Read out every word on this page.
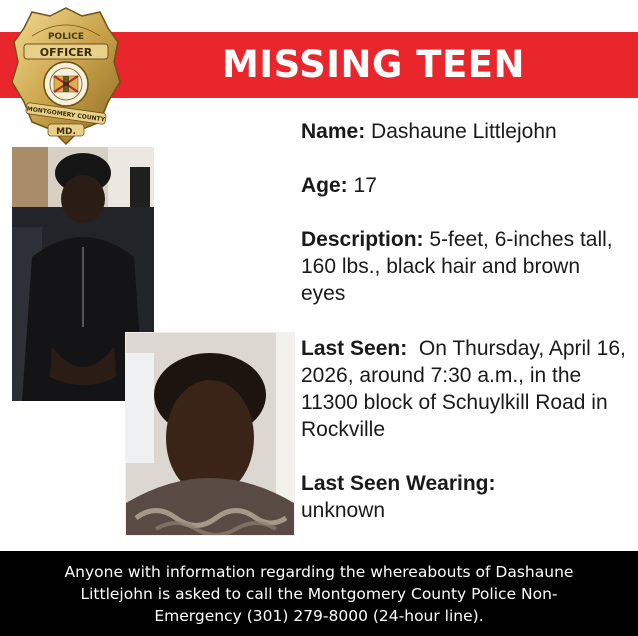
MISSING TEEN
POLICE
OFFICER
MONTGOMERY COUNTY
MD.	Name: Dashaune Littlejohn

Age: 17

Description: 5-feet, 6-inches tall, 160 lbs., black hair and brown eyes

Last Seen: On Thursday, April 16, 2026, around 7:30 a.m., in the 11300 block of Schuylkill Road in Rockville

Last Seen Wearing:
unknown

Anyone with information regarding the whereabouts of Dashaune Littlejohn is asked to call the Montgomery County Police Non-Emergency (301) 279-8000 (24-hour line).
